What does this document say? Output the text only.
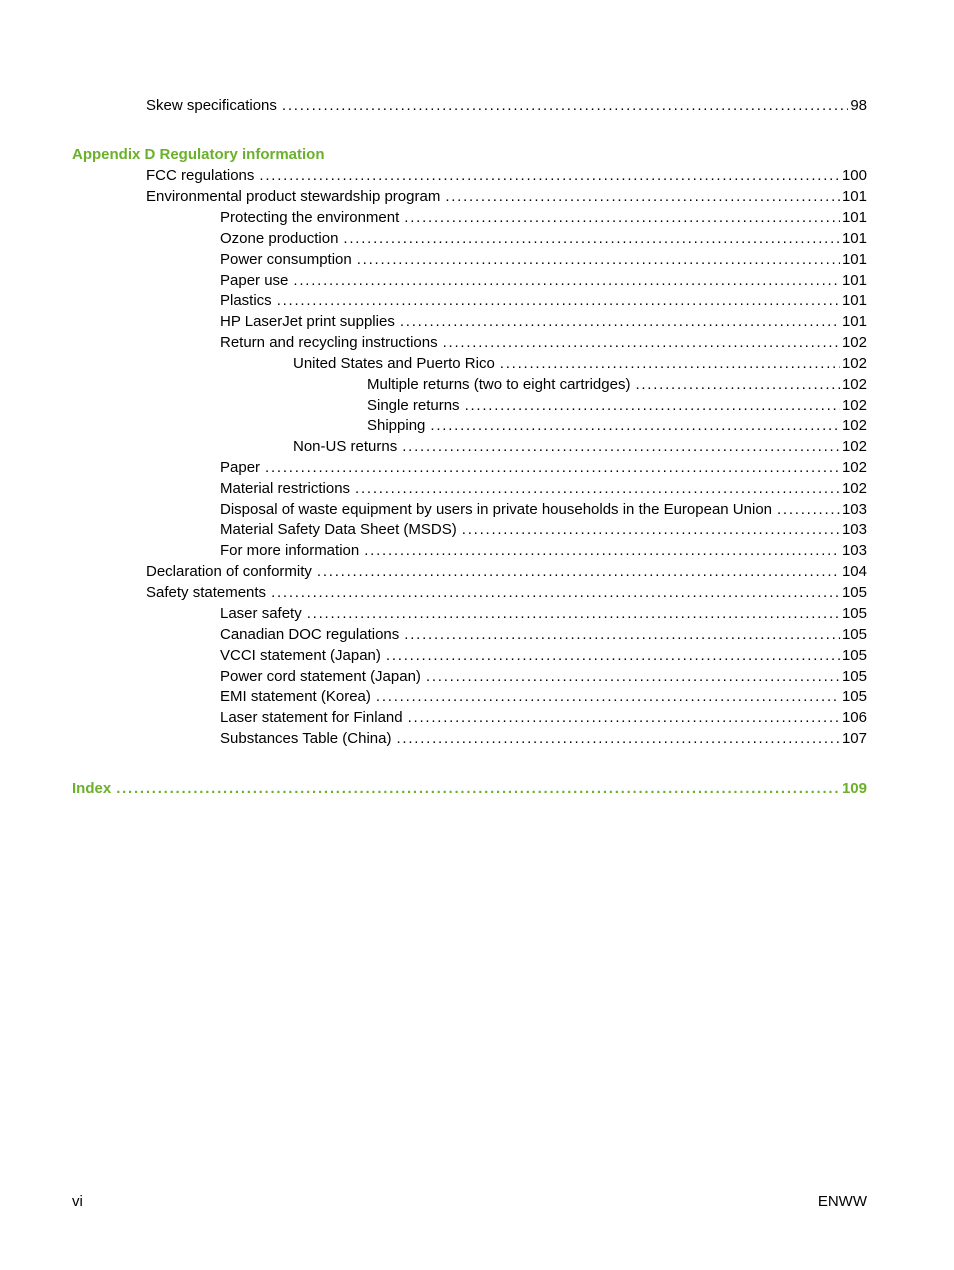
Skew specifications . . .	98
Appendix D Regulatory information
FCC regulations . . .	100
Environmental product stewardship program . . .	101
Protecting the environment . . .	101
Ozone production . . .	101
Power consumption . . .	101
Paper use . . .	101
Plastics . . .	101
HP LaserJet print supplies . . .	101
Return and recycling instructions . . .	102
United States and Puerto Rico . . .	102
Multiple returns (two to eight cartridges) . . .	102
Single returns . . .	102
Shipping . . .	102
Non-US returns . . .	102
Paper . . .	102
Material restrictions . . .	102
Disposal of waste equipment by users in private households in the European Union . . .	103
Material Safety Data Sheet (MSDS) . . .	103
For more information . . .	103
Declaration of conformity . . .	104
Safety statements . . .	105
Laser safety . . .	105
Canadian DOC regulations . . .	105
VCCI statement (Japan) . . .	105
Power cord statement (Japan) . . .	105
EMI statement (Korea) . . .	105
Laser statement for Finland . . .	106
Substances Table (China) . . .	107
Index . . .	109
vi	ENWW
